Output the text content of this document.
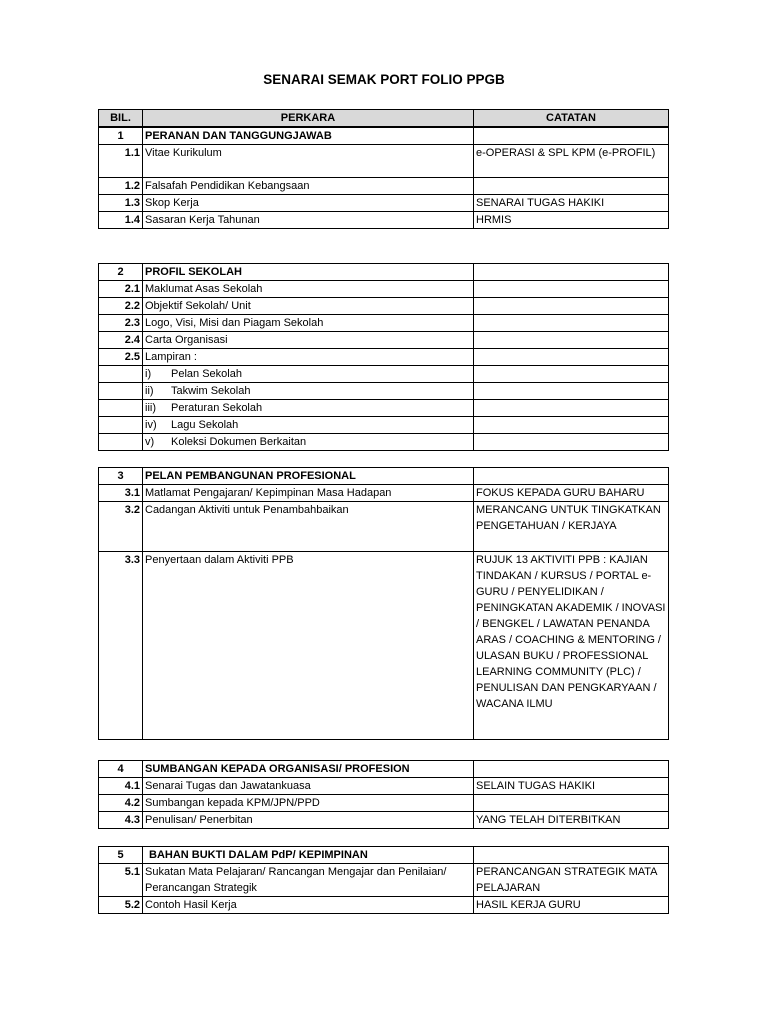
SENARAI SEMAK PORT FOLIO PPGB
BIL.	PERKARA	CATATAN

1	PERANAN DAN TANGGUNGJAWAB	
1.1	Vitae Kurikulum	e-OPERASI & SPL KPM (e-PROFIL)
1.2	Falsafah Pendidikan Kebangsaan	
1.3	Skop Kerja	SENARAI TUGAS HAKIKI
1.4	Sasaran Kerja Tahunan	HRMIS
2	PROFIL SEKOLAH	
2.1	Maklumat Asas Sekolah	
2.2	Objektif Sekolah/ Unit	
2.3	Logo, Visi, Misi dan Piagam Sekolah	
2.4	Carta Organisasi	
2.5	Lampiran :	
	i) Pelan Sekolah	
	ii) Takwim Sekolah	
	iii) Peraturan Sekolah	
	iv) Lagu Sekolah	
	v) Koleksi Dokumen Berkaitan	
3	PELAN PEMBANGUNAN PROFESIONAL	
3.1	Matlamat Pengajaran/ Kepimpinan Masa Hadapan	FOKUS KEPADA GURU BAHARU
3.2	Cadangan Aktiviti untuk Penambahbaikan	MERANCANG UNTUK TINGKATKAN PENGETAHUAN / KERJAYA
3.3	Penyertaan dalam Aktiviti PPB	RUJUK 13 AKTIVITI PPB : KAJIAN TINDAKAN / KURSUS / PORTAL e-GURU / PENYELIDIKAN / PENINGKATAN AKADEMIK / INOVASI / BENGKEL / LAWATAN PENANDA ARAS / COACHING & MENTORING / ULASAN BUKU / PROFESSIONAL LEARNING COMMUNITY (PLC) / PENULISAN DAN PENGKARYAAN / WACANA ILMU
4	SUMBANGAN KEPADA ORGANISASI/ PROFESION	
4.1	Senarai Tugas dan Jawatankuasa	SELAIN TUGAS HAKIKI
4.2	Sumbangan kepada KPM/JPN/PPD	
4.3	Penulisan/ Penerbitan	YANG TELAH DITERBITKAN
5	BAHAN BUKTI DALAM PdP/ KEPIMPINAN	
5.1	Sukatan Mata Pelajaran/ Rancangan Mengajar dan Penilaian/ Perancangan Strategik	PERANCANGAN STRATEGIK MATA PELAJARAN
5.2	Contoh Hasil Kerja	HASIL KERJA GURU
